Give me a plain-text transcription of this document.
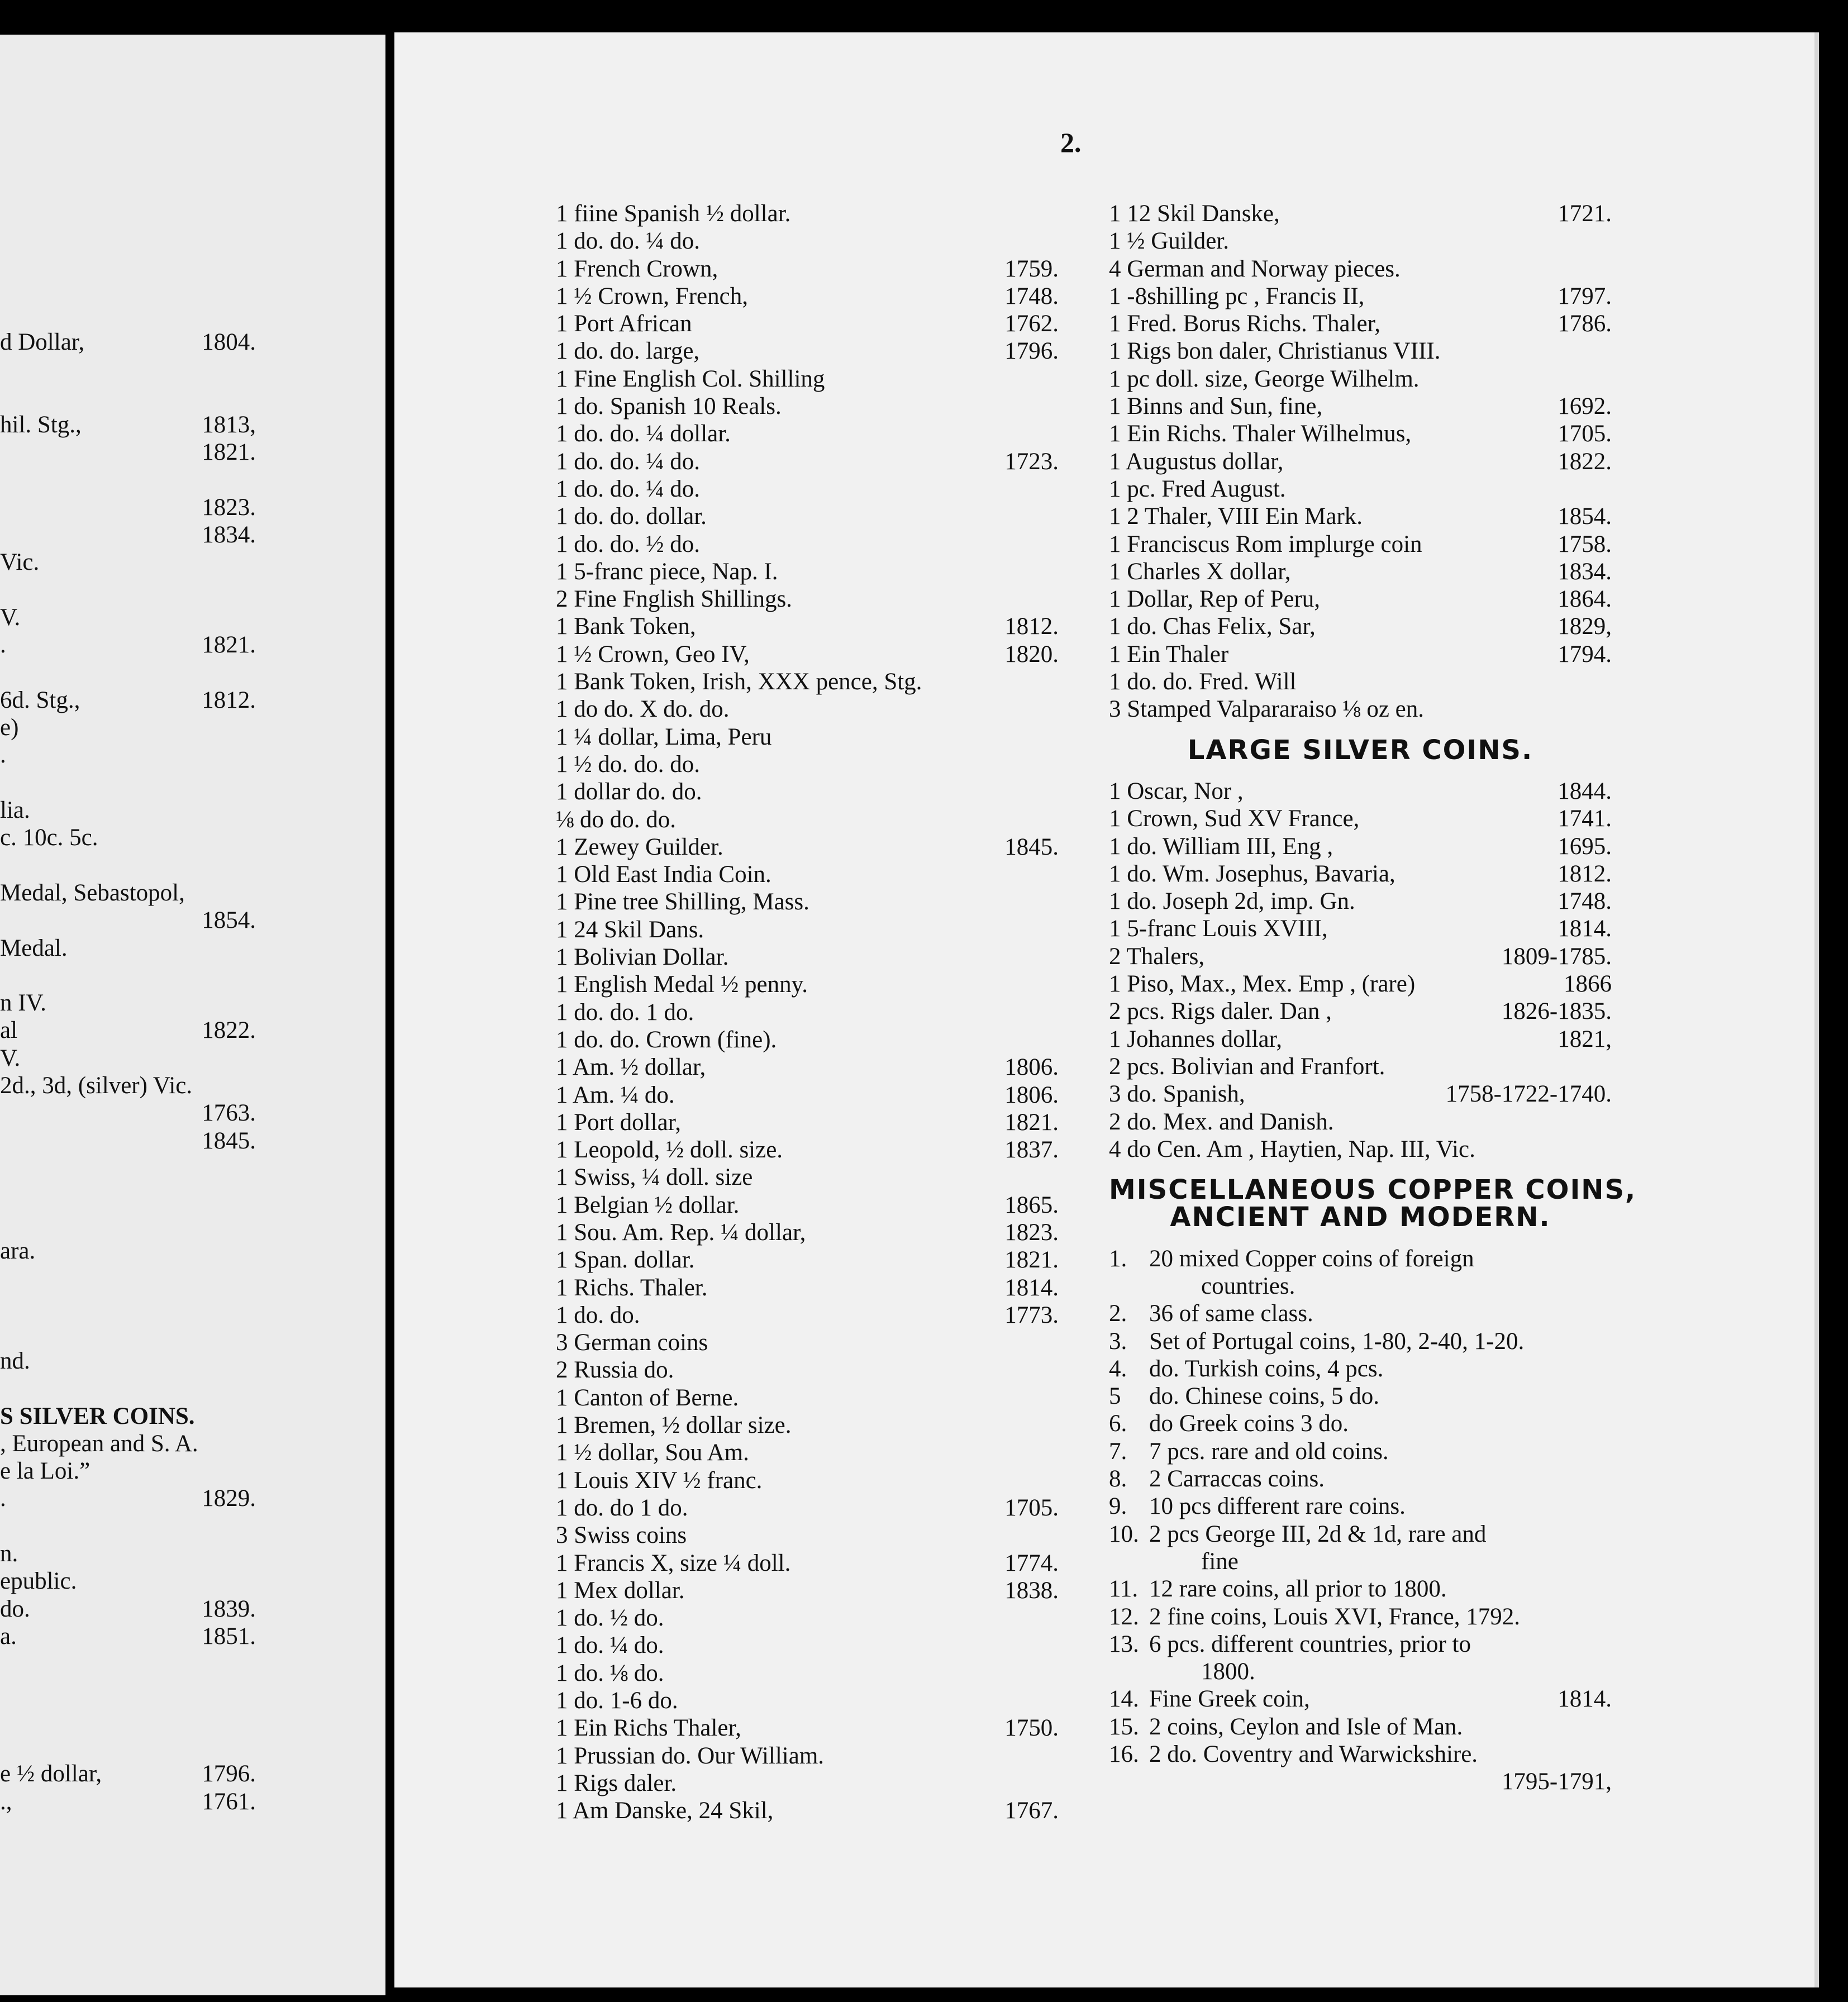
d Dollar,	1804.
hil. Stg.,	1813,
1821.
1823.
1834.
Vic.
V.
.	1821.
6d. Stg.,	1812.
e)
.
lia.
c. 10c. 5c.
Medal, Sebastopol,
1854.
Medal.
n IV.
al	1822.
V.
2d., 3d, (silver) Vic.
1763.
1845.
ara.
nd.
S SILVER COINS.
, European and S. A.
e la Loi.”
.	1829.
n.
epublic.
do.	1839.
a.	1851.
e ½ dollar,	1796.
.,	1761.
2.
1 fiine Spanish ½ dollar.
1 do. do. ¼ do.
1 French Crown,	1759.
1 ½ Crown, French,	1748.
1 Port African	1762.
1 do. do. large,	1796.
1 Fine English Col. Shilling
1 do. Spanish 10 Reals.
1 do. do. ¼ dollar.
1 do. do. ¼ do.	1723.
1 do. do. ¼ do.
1 do. do. dollar.
1 do. do. ½ do.
1 5-franc piece, Nap. I.
2 Fine Fnglish Shillings.
1 Bank Token,	1812.
1 ½ Crown, Geo IV,	1820.
1 Bank Token, Irish, XXX pence, Stg.
1 do do. X do. do.
1 ¼ dollar, Lima, Peru
1 ½ do. do. do.
1 dollar do. do.
⅛ do do. do.
1 Zewey Guilder.	1845.
1 Old East India Coin.
1 Pine tree Shilling, Mass.
1 24 Skil Dans.
1 Bolivian Dollar.
1 English Medal ½ penny.
1 do. do. 1 do.
1 do. do. Crown (fine).
1 Am. ½ dollar,	1806.
1 Am. ¼ do.	1806.
1 Port dollar,	1821.
1 Leopold, ½ doll. size.	1837.
1 Swiss, ¼ doll. size
1 Belgian ½ dollar.	1865.
1 Sou. Am. Rep. ¼ dollar,	1823.
1 Span. dollar.	1821.
1 Richs. Thaler.	1814.
1 do. do.	1773.
3 German coins
2 Russia do.
1 Canton of Berne.
1 Bremen, ½ dollar size.
1 ½ dollar, Sou Am.
1 Louis XIV ½ franc.
1 do. do 1 do.	1705.
3 Swiss coins
1 Francis X, size ¼ doll.	1774.
1 Mex dollar.	1838.
1 do. ½ do.
1 do. ¼ do.
1 do. ⅛ do.
1 do. 1-6 do.
1 Ein Richs Thaler,	1750.
1 Prussian do. Our William.
1 Rigs daler.
1 Am Danske, 24 Skil,	1767.
1 12 Skil Danske,	1721.
1 ½ Guilder.
4 German and Norway pieces.
1 -8shilling pc , Francis II,	1797.
1 Fred. Borus Richs. Thaler,	1786.
1 Rigs bon daler, Christianus VIII.
1 pc doll. size, George Wilhelm.
1 Binns and Sun, fine,	1692.
1 Ein Richs. Thaler Wilhelmus,	1705.
1 Augustus dollar,	1822.
1 pc. Fred August.
1 2 Thaler, VIII Ein Mark.	1854.
1 Franciscus Rom implurge coin	1758.
1 Charles X dollar,	1834.
1 Dollar, Rep of Peru,	1864.
1 do. Chas Felix, Sar,	1829,
1 Ein Thaler	1794.
1 do. do. Fred. Will
3 Stamped Valpararaiso ⅛ oz en.
LARGE SILVER COINS.
1 Oscar, Nor ,	1844.
1 Crown, Sud XV France,	1741.
1 do. William III, Eng ,	1695.
1 do. Wm. Josephus, Bavaria,	1812.
1 do. Joseph 2d, imp. Gn.	1748.
1 5-franc Louis XVIII,	1814.
2 Thalers,	1809-1785.
1 Piso, Max., Mex. Emp , (rare)	1866
2 pcs. Rigs daler. Dan ,	1826-1835.
1 Johannes dollar,	1821,
2 pcs. Bolivian and Franfort.
3 do. Spanish,	1758-1722-1740.
2 do. Mex. and Danish.
4 do Cen. Am , Haytien, Nap. III, Vic.
MISCELLANEOUS COPPER COINS,
ANCIENT AND MODERN.
1. 20 mixed Copper coins of foreign
countries.
2. 36 of same class.
3. Set of Portugal coins, 1-80, 2-40, 1-20.
4. do. Turkish coins, 4 pcs.
5 do. Chinese coins, 5 do.
6. do Greek coins 3 do.
7. 7 pcs. rare and old coins.
8. 2 Carraccas coins.
9. 10 pcs different rare coins.
10. 2 pcs George III, 2d & 1d, rare and
fine
11. 12 rare coins, all prior to 1800.
12. 2 fine coins, Louis XVI, France, 1792.
13. 6 pcs. different countries, prior to
1800.
14. Fine Greek coin,	1814.
15. 2 coins, Ceylon and Isle of Man.
16. 2 do. Coventry and Warwickshire.
1795-1791,
